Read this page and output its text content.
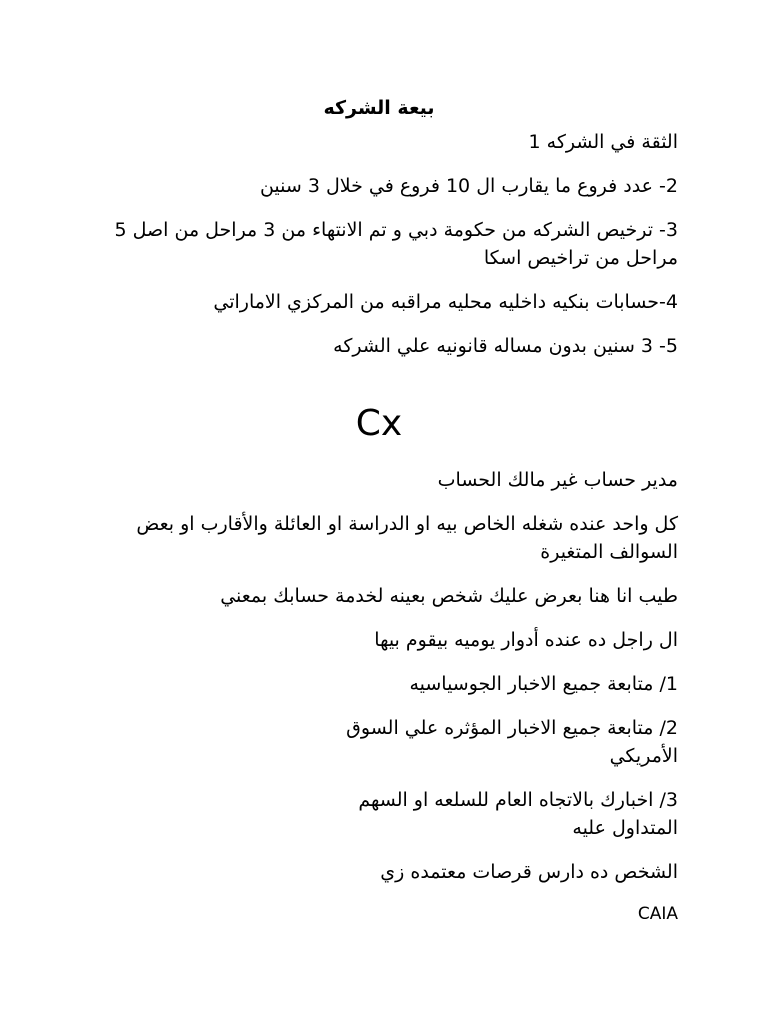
بيعة الشركه

الثقة في الشركه 1

2- عدد فروع ما يقارب ال 10 فروع في خلال 3 سنين

3- ترخيص الشركه من حكومة دبي و تم الانتهاء من 3 مراحل من اصل 5 مراحل من تراخيص اسكا

4-حسابات بنكيه داخليه محليه مراقبه من المركزي الاماراتي

5- 3 سنين بدون مساله قانونيه علي الشركه

Cx

مدير حساب غير مالك الحساب

كل واحد عنده شغله الخاص بيه او الدراسة او العائلة والأقارب او بعض السوالف المتغيرة

طيب انا هنا بعرض عليك شخص بعينه لخدمة حسابك بمعني

ال راجل ده عنده أدوار يوميه بيقوم بيها

1/ متابعة جميع الاخبار الجوسياسيه

2/ متابعة جميع الاخبار المؤثره علي السوق الأمريكي

3/ اخبارك بالاتجاه العام للسلعه او السهم المتداول عليه

الشخص ده دارس قرصات معتمده زي

CAIA
